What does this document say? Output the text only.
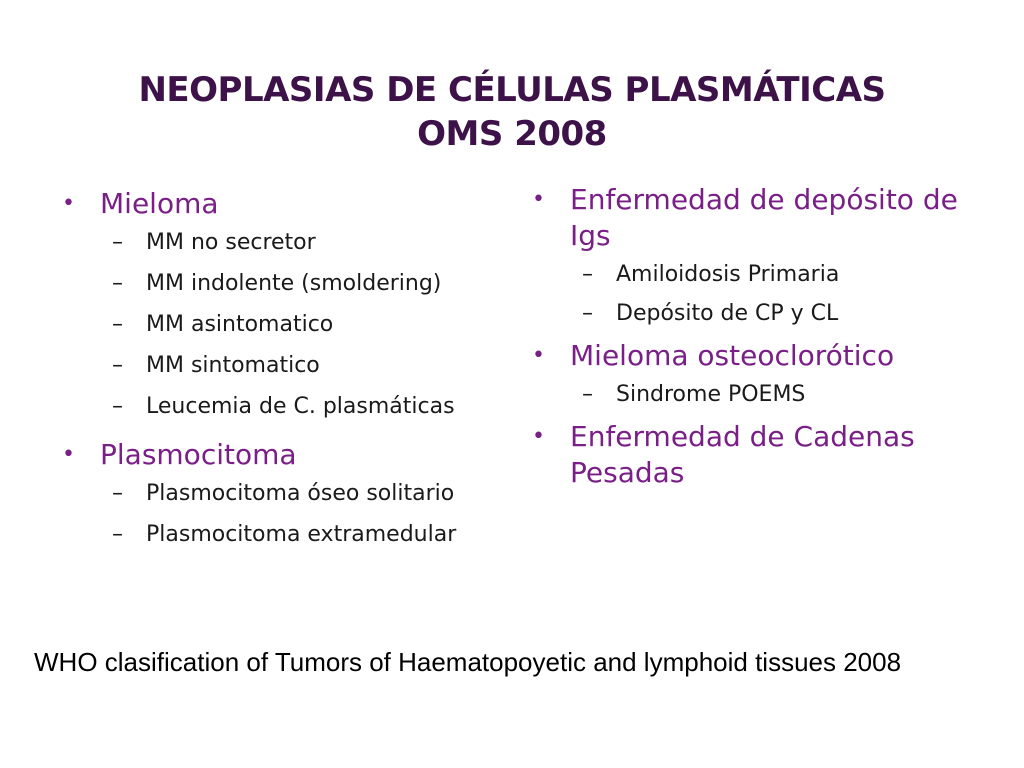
NEOPLASIAS DE CÉLULAS PLASMÁTICAS
OMS 2008
• Mieloma
– MM no secretor
– MM indolente (smoldering)
– MM asintomatico
– MM sintomatico
– Leucemia de C. plasmáticas
• Plasmocitoma
– Plasmocitoma óseo solitario
– Plasmocitoma extramedular
• Enfermedad de depósito de Igs
– Amiloidosis Primaria
– Depósito de CP y CL
• Mieloma osteoclorótico
– Sindrome POEMS
• Enfermedad de Cadenas Pesadas
WHO clasification of Tumors of Haematopoyetic and lymphoid tissues 2008
